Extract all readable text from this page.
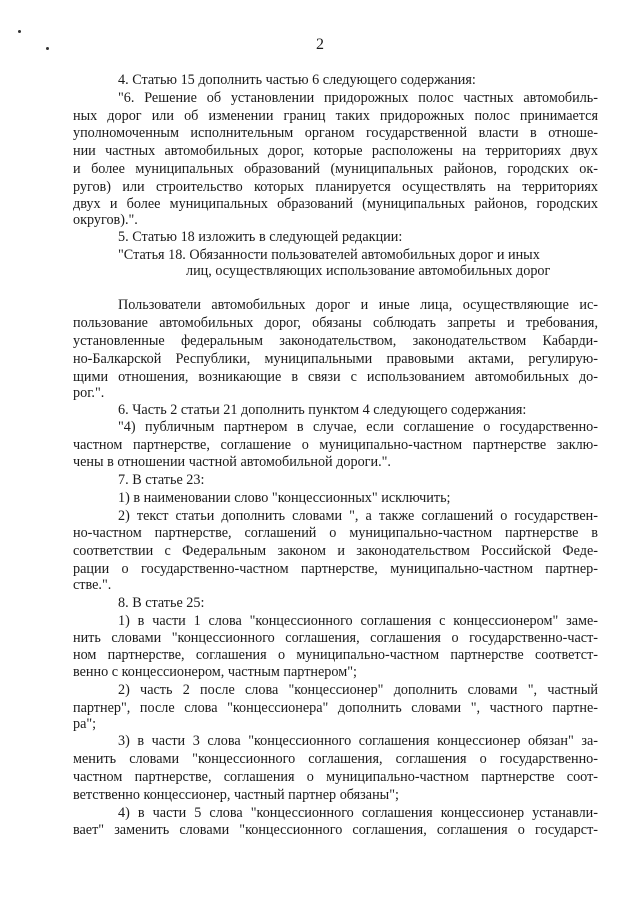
2
4. Статью 15 дополнить частью 6 следующего содержания:
"6. Решение об установлении придорожных полос частных автомобиль-
ных дорог или об изменении границ таких придорожных полос принимается
уполномоченным исполнительным органом государственной власти в отноше-
нии частных автомобильных дорог, которые расположены на территориях двух
и более муниципальных образований (муниципальных районов, городских ок-
ругов) или строительство которых планируется осуществлять на территориях
двух и более муниципальных образований (муниципальных районов, городских
округов).".
5. Статью 18 изложить в следующей редакции:
"Статья 18. Обязанности пользователей автомобильных дорог и иных
лиц, осуществляющих использование автомобильных дорог
Пользователи автомобильных дорог и иные лица, осуществляющие ис-
пользование автомобильных дорог, обязаны соблюдать запреты и требования,
установленные федеральным законодательством, законодательством Кабарди-
но-Балкарской Республики, муниципальными правовыми актами, регулирую-
щими отношения, возникающие в связи с использованием автомобильных до-
рог.".
6. Часть 2 статьи 21 дополнить пунктом 4 следующего содержания:
"4) публичным партнером в случае, если соглашение о государственно-
частном партнерстве, соглашение о муниципально-частном партнерстве заклю-
чены в отношении частной автомобильной дороги.".
7. В статье 23:
1) в наименовании слово "концессионных" исключить;
2) текст статьи дополнить словами ", а также соглашений о государствен-
но-частном партнерстве, соглашений о муниципально-частном партнерстве в
соответствии с Федеральным законом и законодательством Российской Феде-
рации о государственно-частном партнерстве, муниципально-частном партнер-
стве.".
8. В статье 25:
1) в части 1 слова "концессионного соглашения с концессионером" заме-
нить словами "концессионного соглашения, соглашения о государственно-част-
ном партнерстве, соглашения о муниципально-частном партнерстве соответст-
венно с концессионером, частным партнером";
2) часть 2 после слова "концессионер" дополнить словами ", частный
партнер", после слова "концессионера" дополнить словами ", частного партне-
ра";
3) в части 3 слова "концессионного соглашения концессионер обязан" за-
менить словами "концессионного соглашения, соглашения о государственно-
частном партнерстве, соглашения о муниципально-частном партнерстве соот-
ветственно концессионер, частный партнер обязаны";
4) в части 5 слова "концессионного соглашения концессионер устанавли-
вает" заменить словами "концессионного соглашения, соглашения о государст-
